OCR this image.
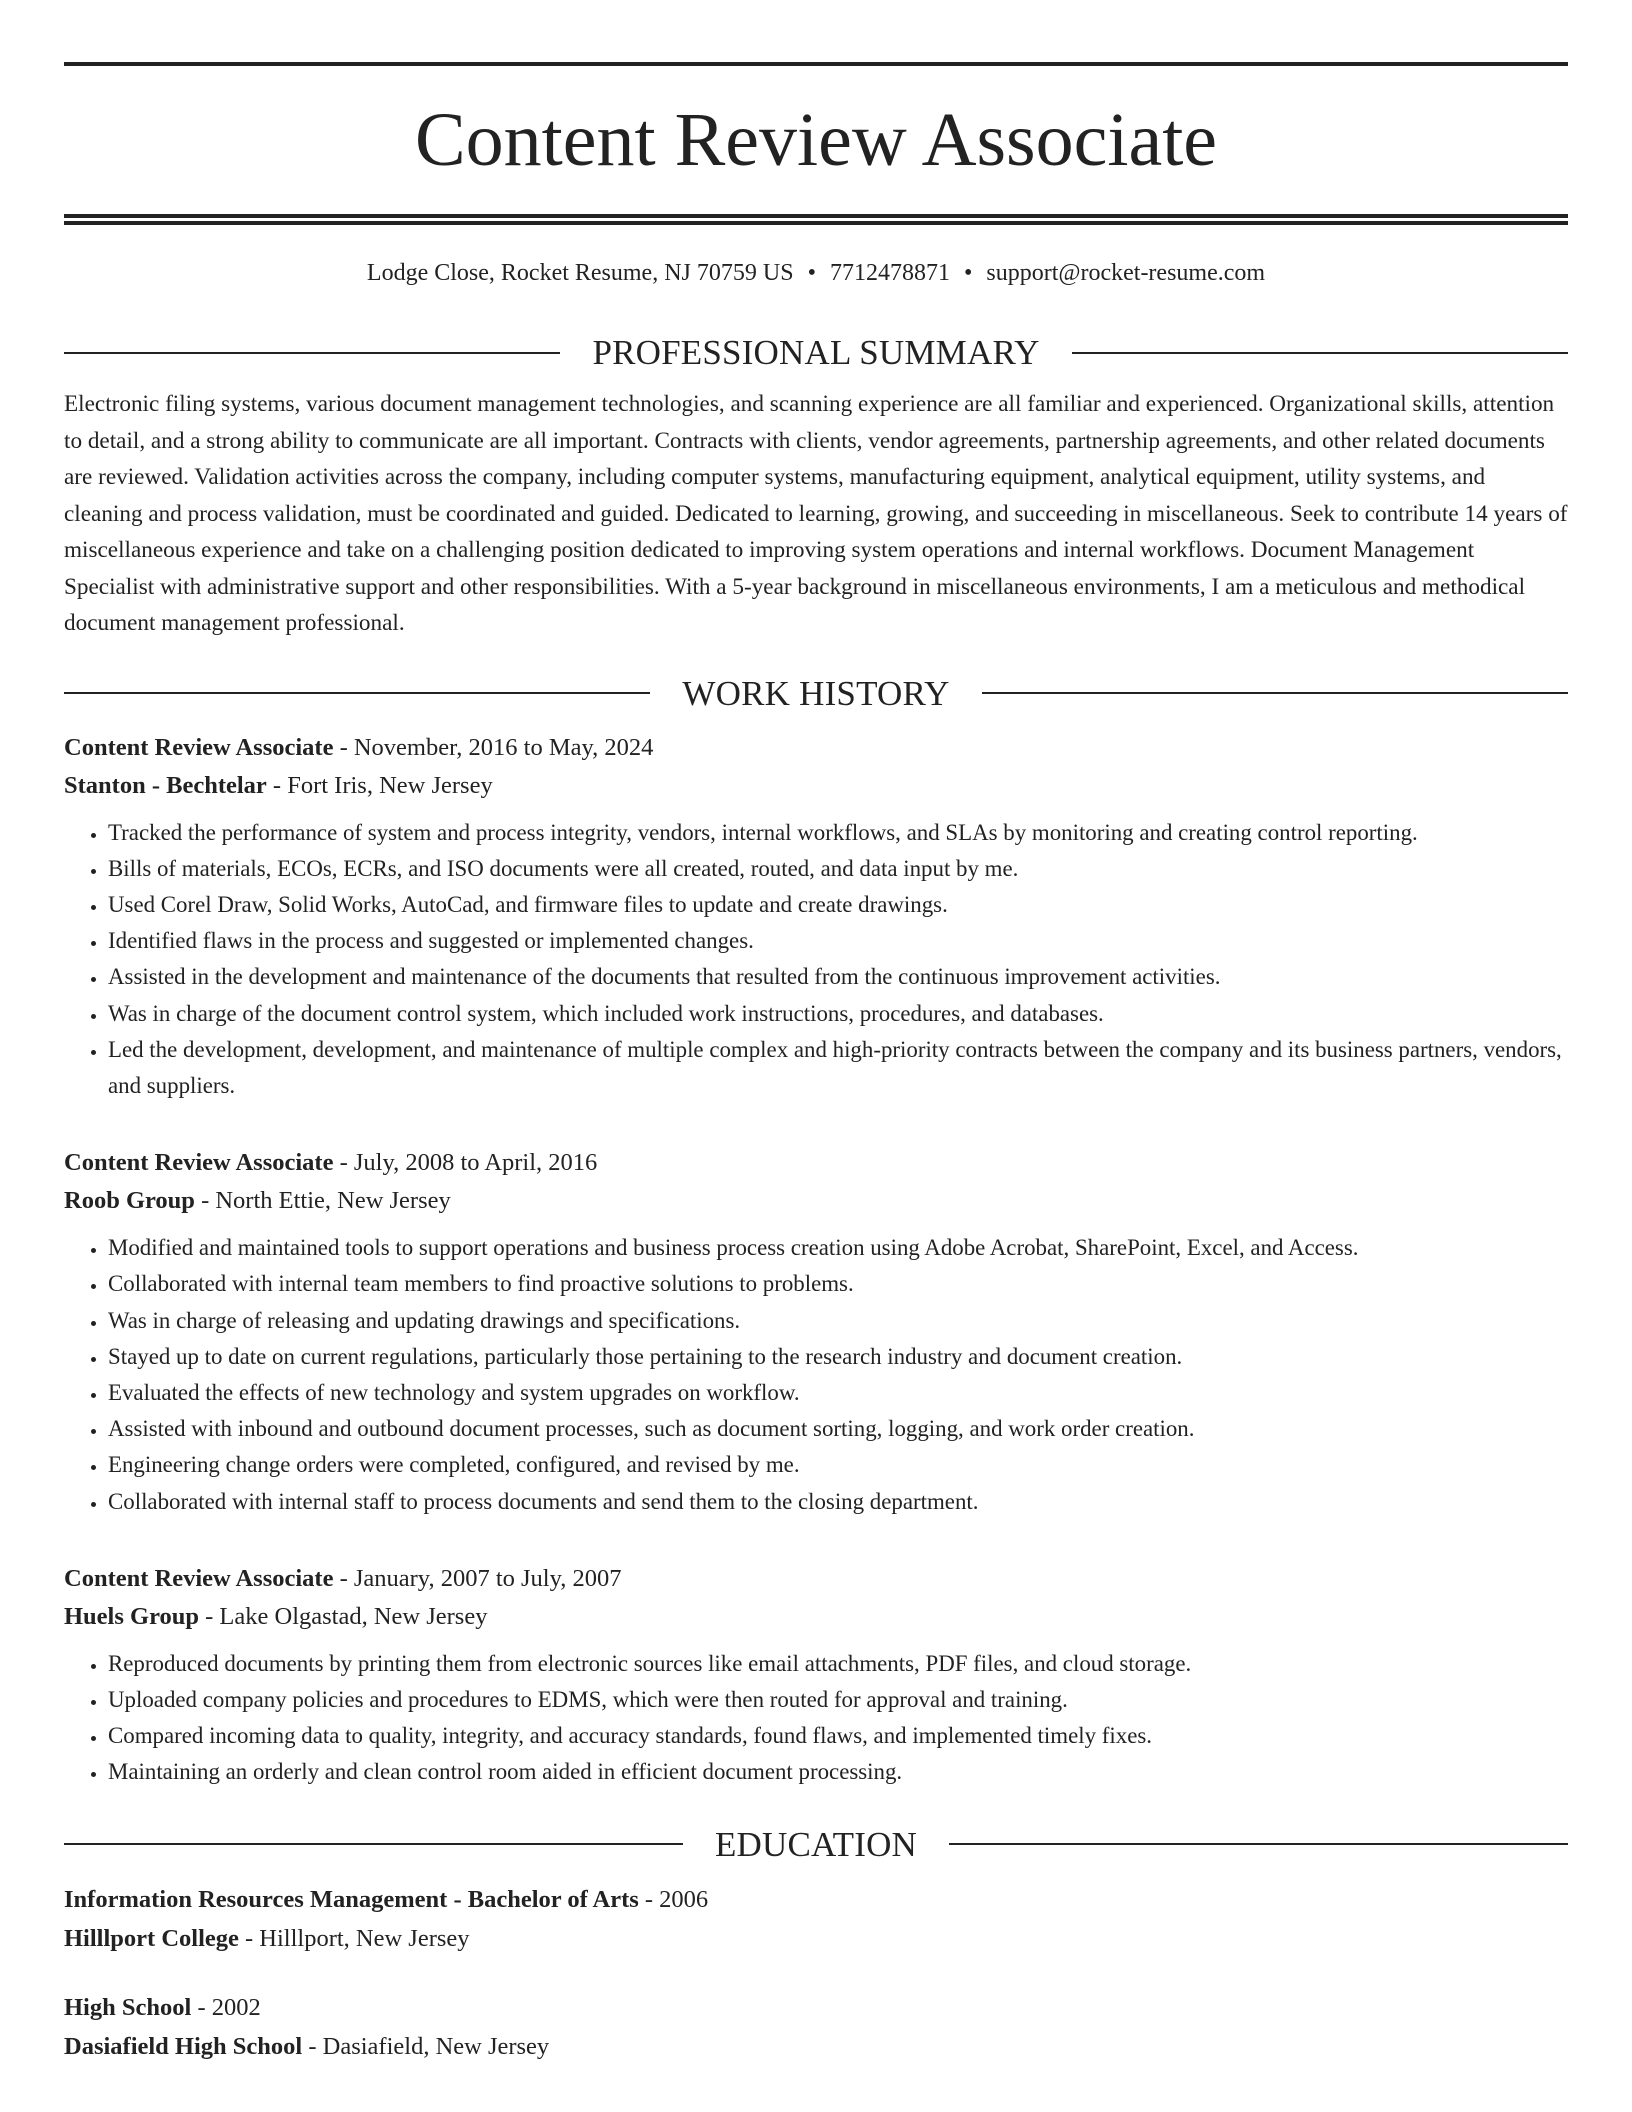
Content Review Associate
Lodge Close, Rocket Resume, NJ 70759 US • 7712478871 • support@rocket-resume.com
PROFESSIONAL SUMMARY

Electronic filing systems, various document management technologies, and scanning experience are all familiar and experienced. Organizational skills, attention to detail, and a strong ability to communicate are all important. Contracts with clients, vendor agreements, partnership agreements, and other related documents are reviewed. Validation activities across the company, including computer systems, manufacturing equipment, analytical equipment, utility systems, and cleaning and process validation, must be coordinated and guided. Dedicated to learning, growing, and succeeding in miscellaneous. Seek to contribute 14 years of miscellaneous experience and take on a challenging position dedicated to improving system operations and internal workflows. Document Management Specialist with administrative support and other responsibilities. With a 5-year background in miscellaneous environments, I am a meticulous and methodical document management professional.

WORK HISTORY
Content Review Associate - November, 2016 to May, 2024
Stanton - Bechtelar - Fort Iris, New Jersey
• Tracked the performance of system and process integrity, vendors, internal workflows, and SLAs by monitoring and creating control reporting.
• Bills of materials, ECOs, ECRs, and ISO documents were all created, routed, and data input by me.
• Used Corel Draw, Solid Works, AutoCad, and firmware files to update and create drawings.
• Identified flaws in the process and suggested or implemented changes.
• Assisted in the development and maintenance of the documents that resulted from the continuous improvement activities.
• Was in charge of the document control system, which included work instructions, procedures, and databases.
• Led the development, development, and maintenance of multiple complex and high-priority contracts between the company and its business partners, vendors, and suppliers.
Content Review Associate - July, 2008 to April, 2016
Roob Group - North Ettie, New Jersey
• Modified and maintained tools to support operations and business process creation using Adobe Acrobat, SharePoint, Excel, and Access.
• Collaborated with internal team members to find proactive solutions to problems.
• Was in charge of releasing and updating drawings and specifications.
• Stayed up to date on current regulations, particularly those pertaining to the research industry and document creation.
• Evaluated the effects of new technology and system upgrades on workflow.
• Assisted with inbound and outbound document processes, such as document sorting, logging, and work order creation.
• Engineering change orders were completed, configured, and revised by me.
• Collaborated with internal staff to process documents and send them to the closing department.
Content Review Associate - January, 2007 to July, 2007
Huels Group - Lake Olgastad, New Jersey
• Reproduced documents by printing them from electronic sources like email attachments, PDF files, and cloud storage.
• Uploaded company policies and procedures to EDMS, which were then routed for approval and training.
• Compared incoming data to quality, integrity, and accuracy standards, found flaws, and implemented timely fixes.
• Maintaining an orderly and clean control room aided in efficient document processing.
EDUCATION
Information Resources Management - Bachelor of Arts - 2006
Hilllport College - Hilllport, New Jersey
High School - 2002
Dasiafield High School - Dasiafield, New Jersey
